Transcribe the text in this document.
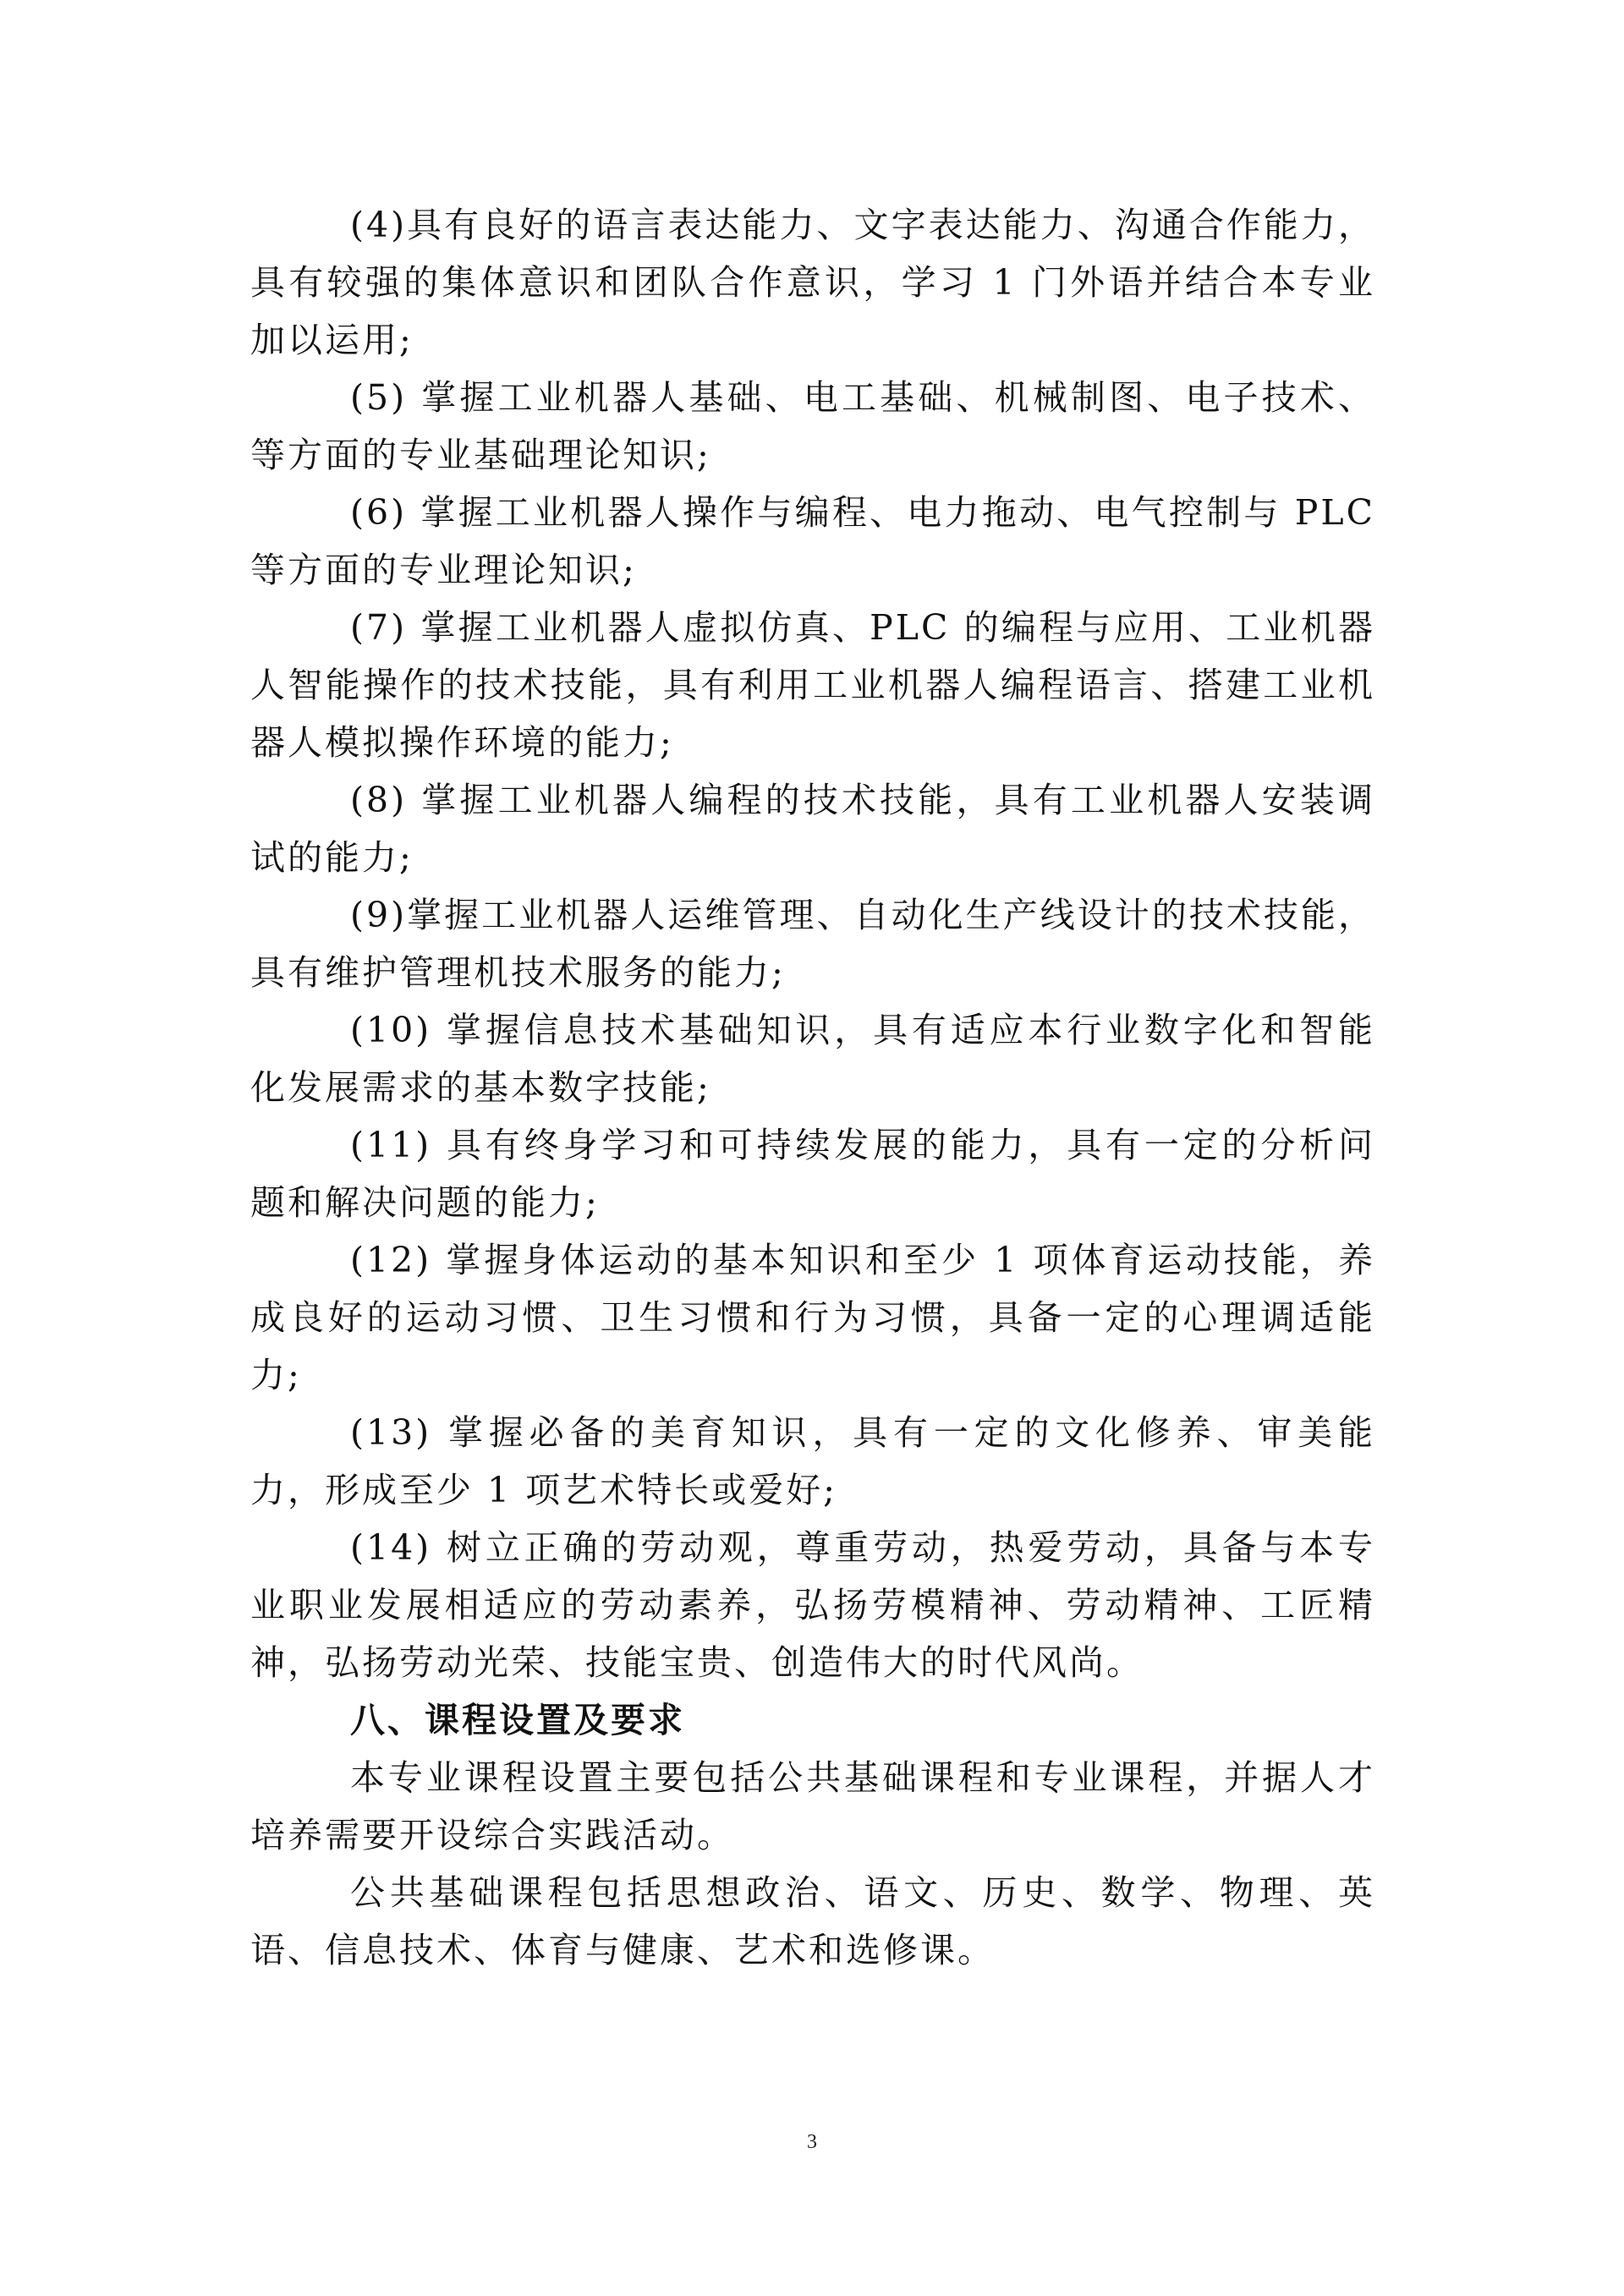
(4)具有良好的语言表达能力、文字表达能力、沟通合作能力，具有较强的集体意识和团队合作意识，学习 1 门外语并结合本专业加以运用;

(5) 掌握工业机器人基础、电工基础、机械制图、电子技术、等方面的专业基础理论知识;

(6) 掌握工业机器人操作与编程、电力拖动、电气控制与 PLC 等方面的专业理论知识;

(7) 掌握工业机器人虚拟仿真、PLC 的编程与应用、工业机器人智能操作的技术技能，具有利用工业机器人编程语言、搭建工业机器人模拟操作环境的能力;

(8) 掌握工业机器人编程的技术技能，具有工业机器人安装调试的能力;

(9)掌握工业机器人运维管理、自动化生产线设计的技术技能，具有维护管理机技术服务的能力;

(10) 掌握信息技术基础知识，具有适应本行业数字化和智能化发展需求的基本数字技能;

(11) 具有终身学习和可持续发展的能力，具有一定的分析问题和解决问题的能力;

(12) 掌握身体运动的基本知识和至少 1 项体育运动技能，养成良好的运动习惯、卫生习惯和行为习惯，具备一定的心理调适能力;

(13) 掌握必备的美育知识，具有一定的文化修养、审美能力，形成至少 1 项艺术特长或爱好;

(14) 树立正确的劳动观，尊重劳动，热爱劳动，具备与本专业职业发展相适应的劳动素养，弘扬劳模精神、劳动精神、工匠精神，弘扬劳动光荣、技能宝贵、创造伟大的时代风尚。

八、课程设置及要求

本专业课程设置主要包括公共基础课程和专业课程，并据人才培养需要开设综合实践活动。

公共基础课程包括思想政治、语文、历史、数学、物理、英语、信息技术、体育与健康、艺术和选修课。

3
